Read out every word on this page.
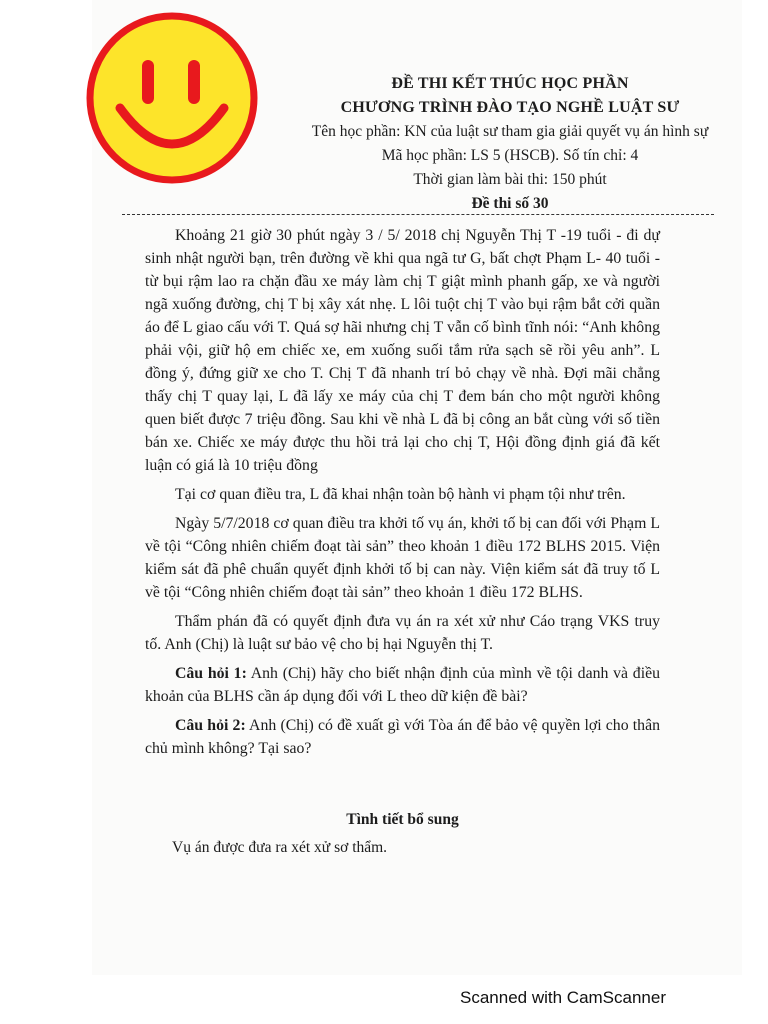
ĐỀ THI KẾT THÚC HỌC PHẦN
CHƯƠNG TRÌNH ĐÀO TẠO NGHỀ LUẬT SƯ
Tên học phần: KN của luật sư tham gia giải quyết vụ án hình sự
Mã học phần: LS 5 (HSCB). Số tín chỉ: 4
Thời gian làm bài thi: 150 phút
Đề thi số 30

Khoảng 21 giờ 30 phút ngày 3 / 5/ 2018 chị Nguyễn Thị T -19 tuổi - đi dự sinh nhật người bạn, trên đường về khi qua ngã tư G, bất chợt Phạm L- 40 tuổi - từ bụi rậm lao ra chặn đầu xe máy làm chị T giật mình phanh gấp, xe và người ngã xuống đường, chị T bị xây xát nhẹ. L lôi tuột chị T vào bụi rậm bắt cởi quần áo để L giao cấu với T. Quá sợ hãi nhưng chị T vẫn cố bình tĩnh nói: “Anh không phải vội, giữ hộ em chiếc xe, em xuống suối tắm rửa sạch sẽ rồi yêu anh”. L đồng ý, đứng giữ xe cho T. Chị T đã nhanh trí bỏ chạy về nhà. Đợi mãi chẳng thấy chị T quay lại, L đã lấy xe máy của chị T đem bán cho một người không quen biết được 7 triệu đồng. Sau khi về nhà L đã bị công an bắt cùng với số tiền bán xe. Chiếc xe máy được thu hồi trả lại cho chị T, Hội đồng định giá đã kết luận có giá là 10 triệu đồng

Tại cơ quan điều tra, L đã khai nhận toàn bộ hành vi phạm tội như trên.

Ngày 5/7/2018 cơ quan điều tra khởi tố vụ án, khởi tố bị can đối với Phạm L về tội “Công nhiên chiếm đoạt tài sản” theo khoản 1 điều 172 BLHS 2015. Viện kiểm sát đã phê chuẩn quyết định khởi tố bị can này. Viện kiểm sát đã truy tố L về tội “Công nhiên chiếm đoạt tài sản” theo khoản 1 điều 172 BLHS.

Thẩm phán đã có quyết định đưa vụ án ra xét xử như Cáo trạng VKS truy tố. Anh (Chị) là luật sư bảo vệ cho bị hại Nguyễn thị T.

Câu hỏi 1: Anh (Chị) hãy cho biết nhận định của mình về tội danh và điều khoản của BLHS cần áp dụng đối với L theo dữ kiện đề bài?

Câu hỏi 2: Anh (Chị) có đề xuất gì với Tòa án để bảo vệ quyền lợi cho thân chủ mình không? Tại sao?

Tình tiết bổ sung
Vụ án được đưa ra xét xử sơ thẩm.
Scanned with CamScanner
